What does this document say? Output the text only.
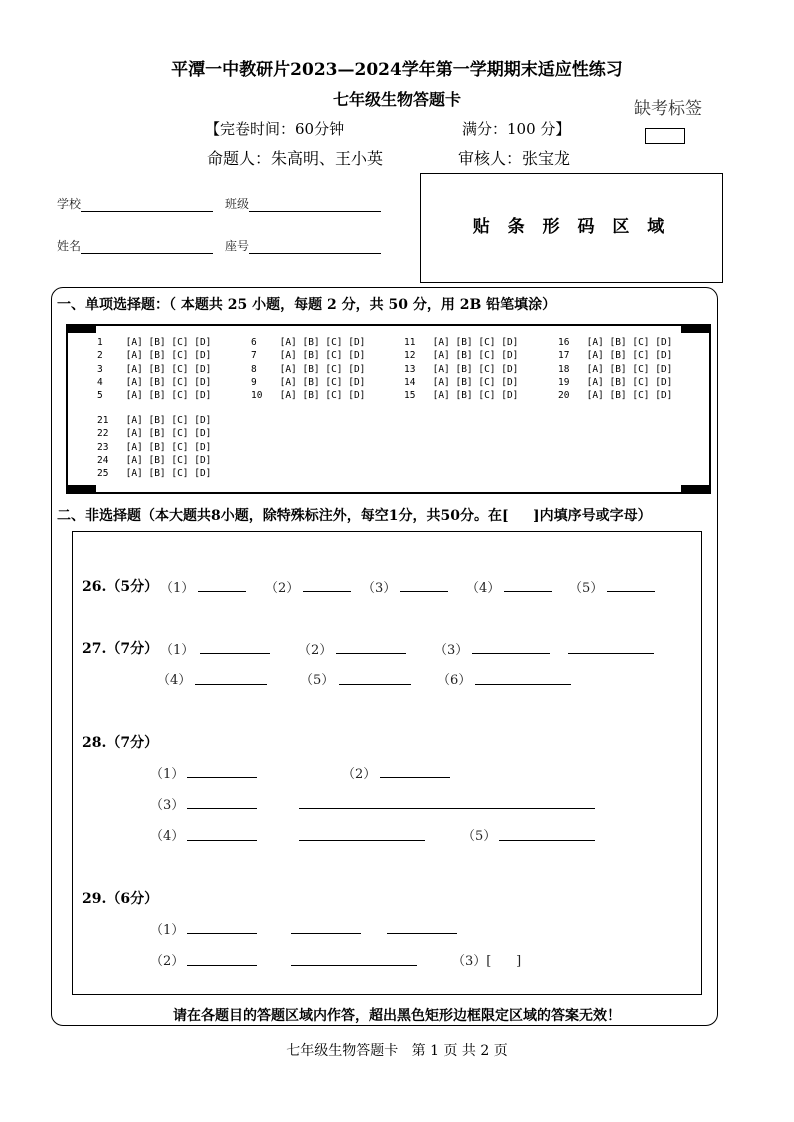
平潭一中教研片2023—2024学年第一学期期末适应性练习
七年级生物答题卡
【完卷时间：60分钟	满分：100 分】
命题人：朱高明、王小英	审核人：张宝龙
缺考标签
学校	班级
姓名	座号
贴 条 形 码 区 域
一、单项选择题：（ 本题共 25 小题，每题 2 分，共 50 分，用 2B 铅笔填涂）
1    [A] [B] [C] [D]
2    [A] [B] [C] [D]
3    [A] [B] [C] [D]
4    [A] [B] [C] [D]
5    [A] [B] [C] [D]
6    [A] [B] [C] [D]
7    [A] [B] [C] [D]
8    [A] [B] [C] [D]
9    [A] [B] [C] [D]
10   [A] [B] [C] [D]
11   [A] [B] [C] [D]
12   [A] [B] [C] [D]
13   [A] [B] [C] [D]
14   [A] [B] [C] [D]
15   [A] [B] [C] [D]
16   [A] [B] [C] [D]
17   [A] [B] [C] [D]
18   [A] [B] [C] [D]
19   [A] [B] [C] [D]
20   [A] [B] [C] [D]
21   [A] [B] [C] [D]
22   [A] [B] [C] [D]
23   [A] [B] [C] [D]
24   [A] [B] [C] [D]
25   [A] [B] [C] [D]
二、非选择题（本大题共8小题，除特殊标注外，每空1分，共50分。在[     ]内填序号或字母）
26.（5分） （1）	（2）	（3）	（4）	（5）
27.（7分） （1）	（2）	（3）
（4）	（5）	（6）
28.（7分）
（1）	（2）
（3）
（4）	（5）
29.（6分）
（1）
（2）	（3）[      ]
请在各题目的答题区域内作答，超出黑色矩形边框限定区域的答案无效！
七年级生物答题卡   第 1 页 共 2 页
